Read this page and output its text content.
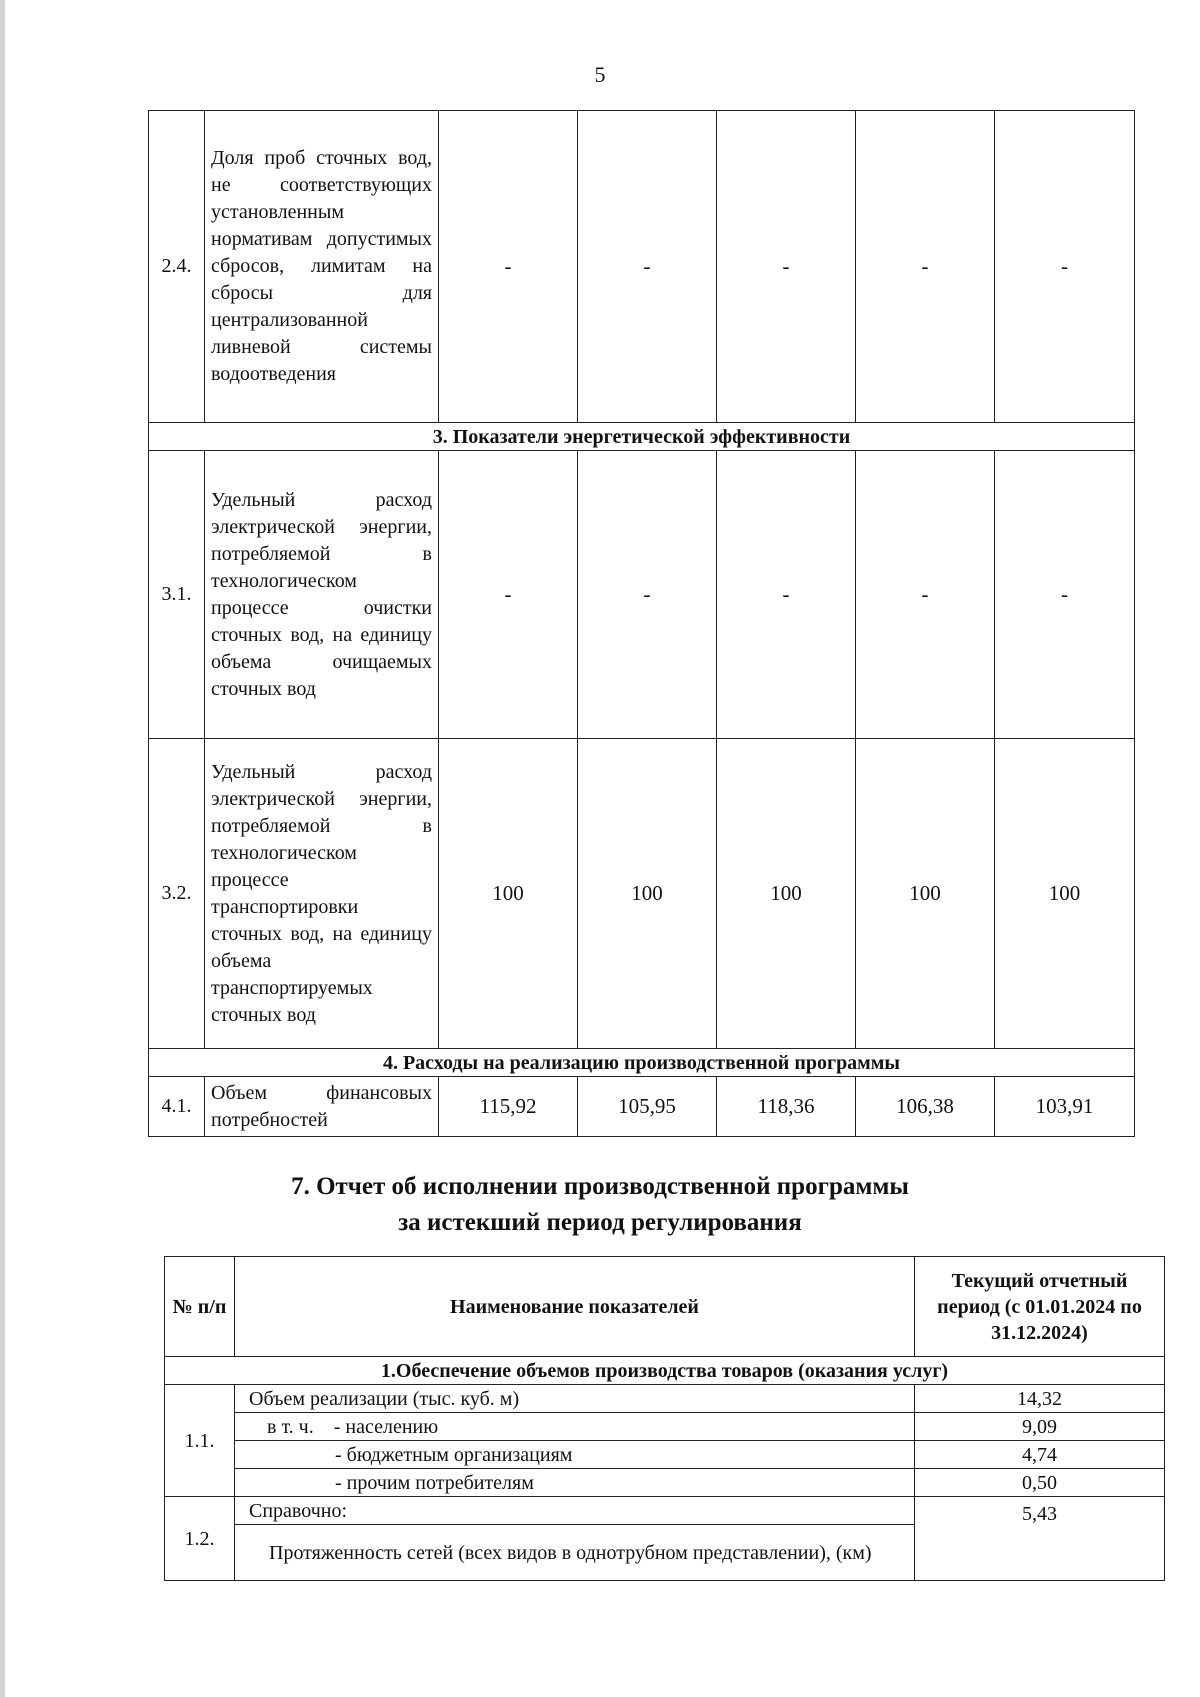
5
2.4.	Доля проб сточных вод, не соответствующих установленным нормативам допустимых сбросов, лимитам на сбросы для централизованной ливневой системы водоотведения	-	-	-	-	-
3. Показатели энергетической эффективности						
3.1.	Удельный расход электрической энергии, потребляемой в технологическом процессе очистки сточных вод, на единицу объема очищаемых сточных вод	-	-	-	-	-
3.2.	Удельный расход электрической энергии, потребляемой в технологическом процессе транспортировки сточных вод, на единицу объема транспортируемых сточных вод	100	100	100	100	100
4. Расходы на реализацию производственной программы						
4.1.	Объем финансовых потребностей	115,92	105,95	118,36	106,38	103,91
7. Отчет об исполнении производственной программы
за истекший период регулирования
№ п/п	Наименование показателей	Текущий отчетный период (с 01.01.2024 по 31.12.2024)
1.Обеспечение объемов производства товаров (оказания услуг)		
1.1.	Объем реализации (тыс. куб. м)	14,32
	в т. ч.    - населению	9,09
	- бюджетным организациям	4,74
	- прочим потребителям	0,50
1.2.	Справочно:	5,43
	Протяженность сетей (всех видов в однотрубном представлении), (км)	
